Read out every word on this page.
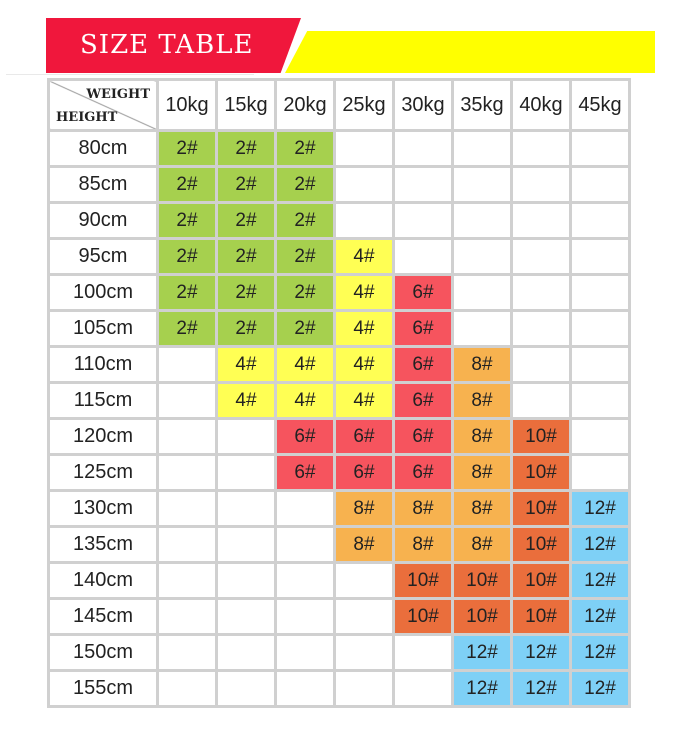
SIZE TABLE
WEIGHT
HEIGHT	10kg	15kg	20kg	25kg	30kg	35kg	40kg	45kg
80cm	2#	2#	2#					
85cm	2#	2#	2#					
90cm	2#	2#	2#					
95cm	2#	2#	2#	4#				
100cm	2#	2#	2#	4#	6#			
105cm	2#	2#	2#	4#	6#			
110cm		4#	4#	4#	6#	8#		
115cm		4#	4#	4#	6#	8#		
120cm			6#	6#	6#	8#	10#	
125cm			6#	6#	6#	8#	10#	
130cm				8#	8#	8#	10#	12#
135cm				8#	8#	8#	10#	12#
140cm					10#	10#	10#	12#
145cm					10#	10#	10#	12#
150cm						12#	12#	12#
155cm						12#	12#	12#
